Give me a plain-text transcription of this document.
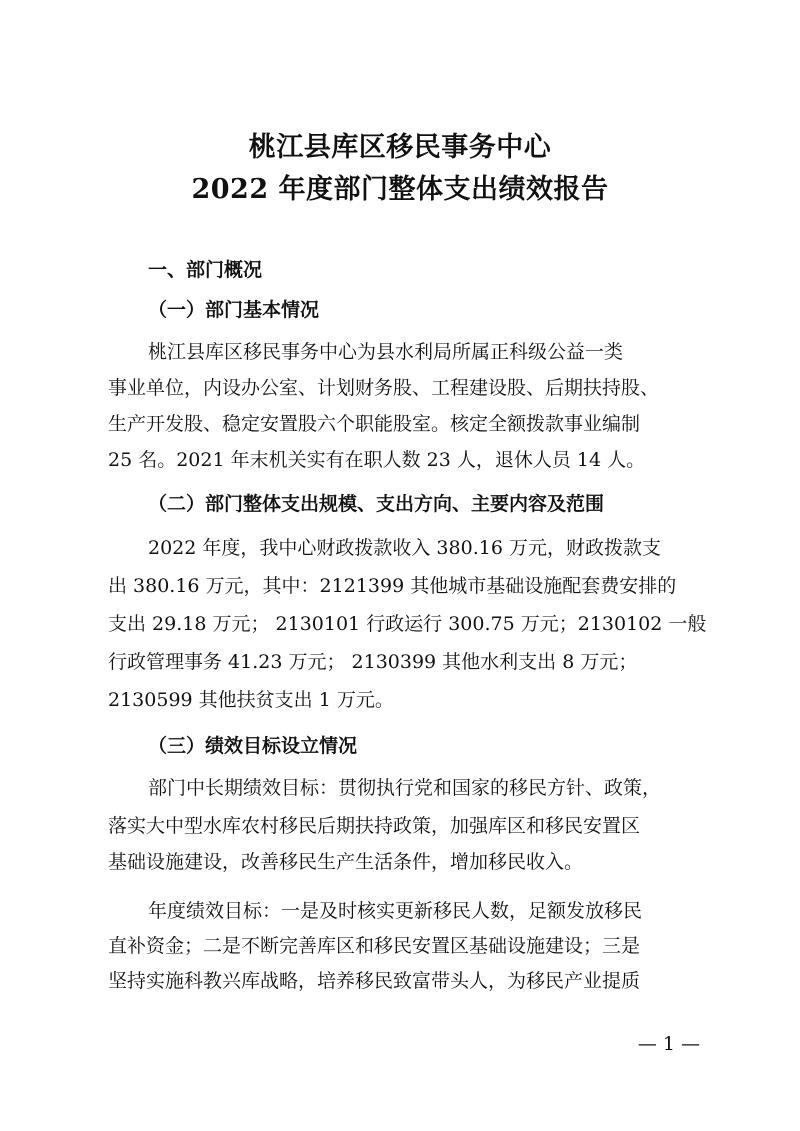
桃江县库区移民事务中心
2022 年度部门整体支出绩效报告
一、部门概况
（一）部门基本情况
桃江县库区移民事务中心为县水利局所属正科级公益一类
事业单位，内设办公室、计划财务股、工程建设股、后期扶持股、
生产开发股、稳定安置股六个职能股室。核定全额拨款事业编制
25 名。2021 年末机关实有在职人数 23 人，退休人员 14 人。
（二）部门整体支出规模、支出方向、主要内容及范围
2022 年度，我中心财政拨款收入 380.16 万元，财政拨款支
出 380.16 万元，其中：2121399 其他城市基础设施配套费安排的
支出 29.18 万元； 2130101 行政运行 300.75 万元；2130102 一般
行政管理事务 41.23 万元； 2130399 其他水利支出 8 万元；
2130599 其他扶贫支出 1 万元。
（三）绩效目标设立情况
部门中长期绩效目标：贯彻执行党和国家的移民方针、政策，
落实大中型水库农村移民后期扶持政策，加强库区和移民安置区
基础设施建设，改善移民生产生活条件，增加移民收入。
年度绩效目标：一是及时核实更新移民人数，足额发放移民
直补资金；二是不断完善库区和移民安置区基础设施建设；三是
坚持实施科教兴库战略，培养移民致富带头人，为移民产业提质
— 1 —
